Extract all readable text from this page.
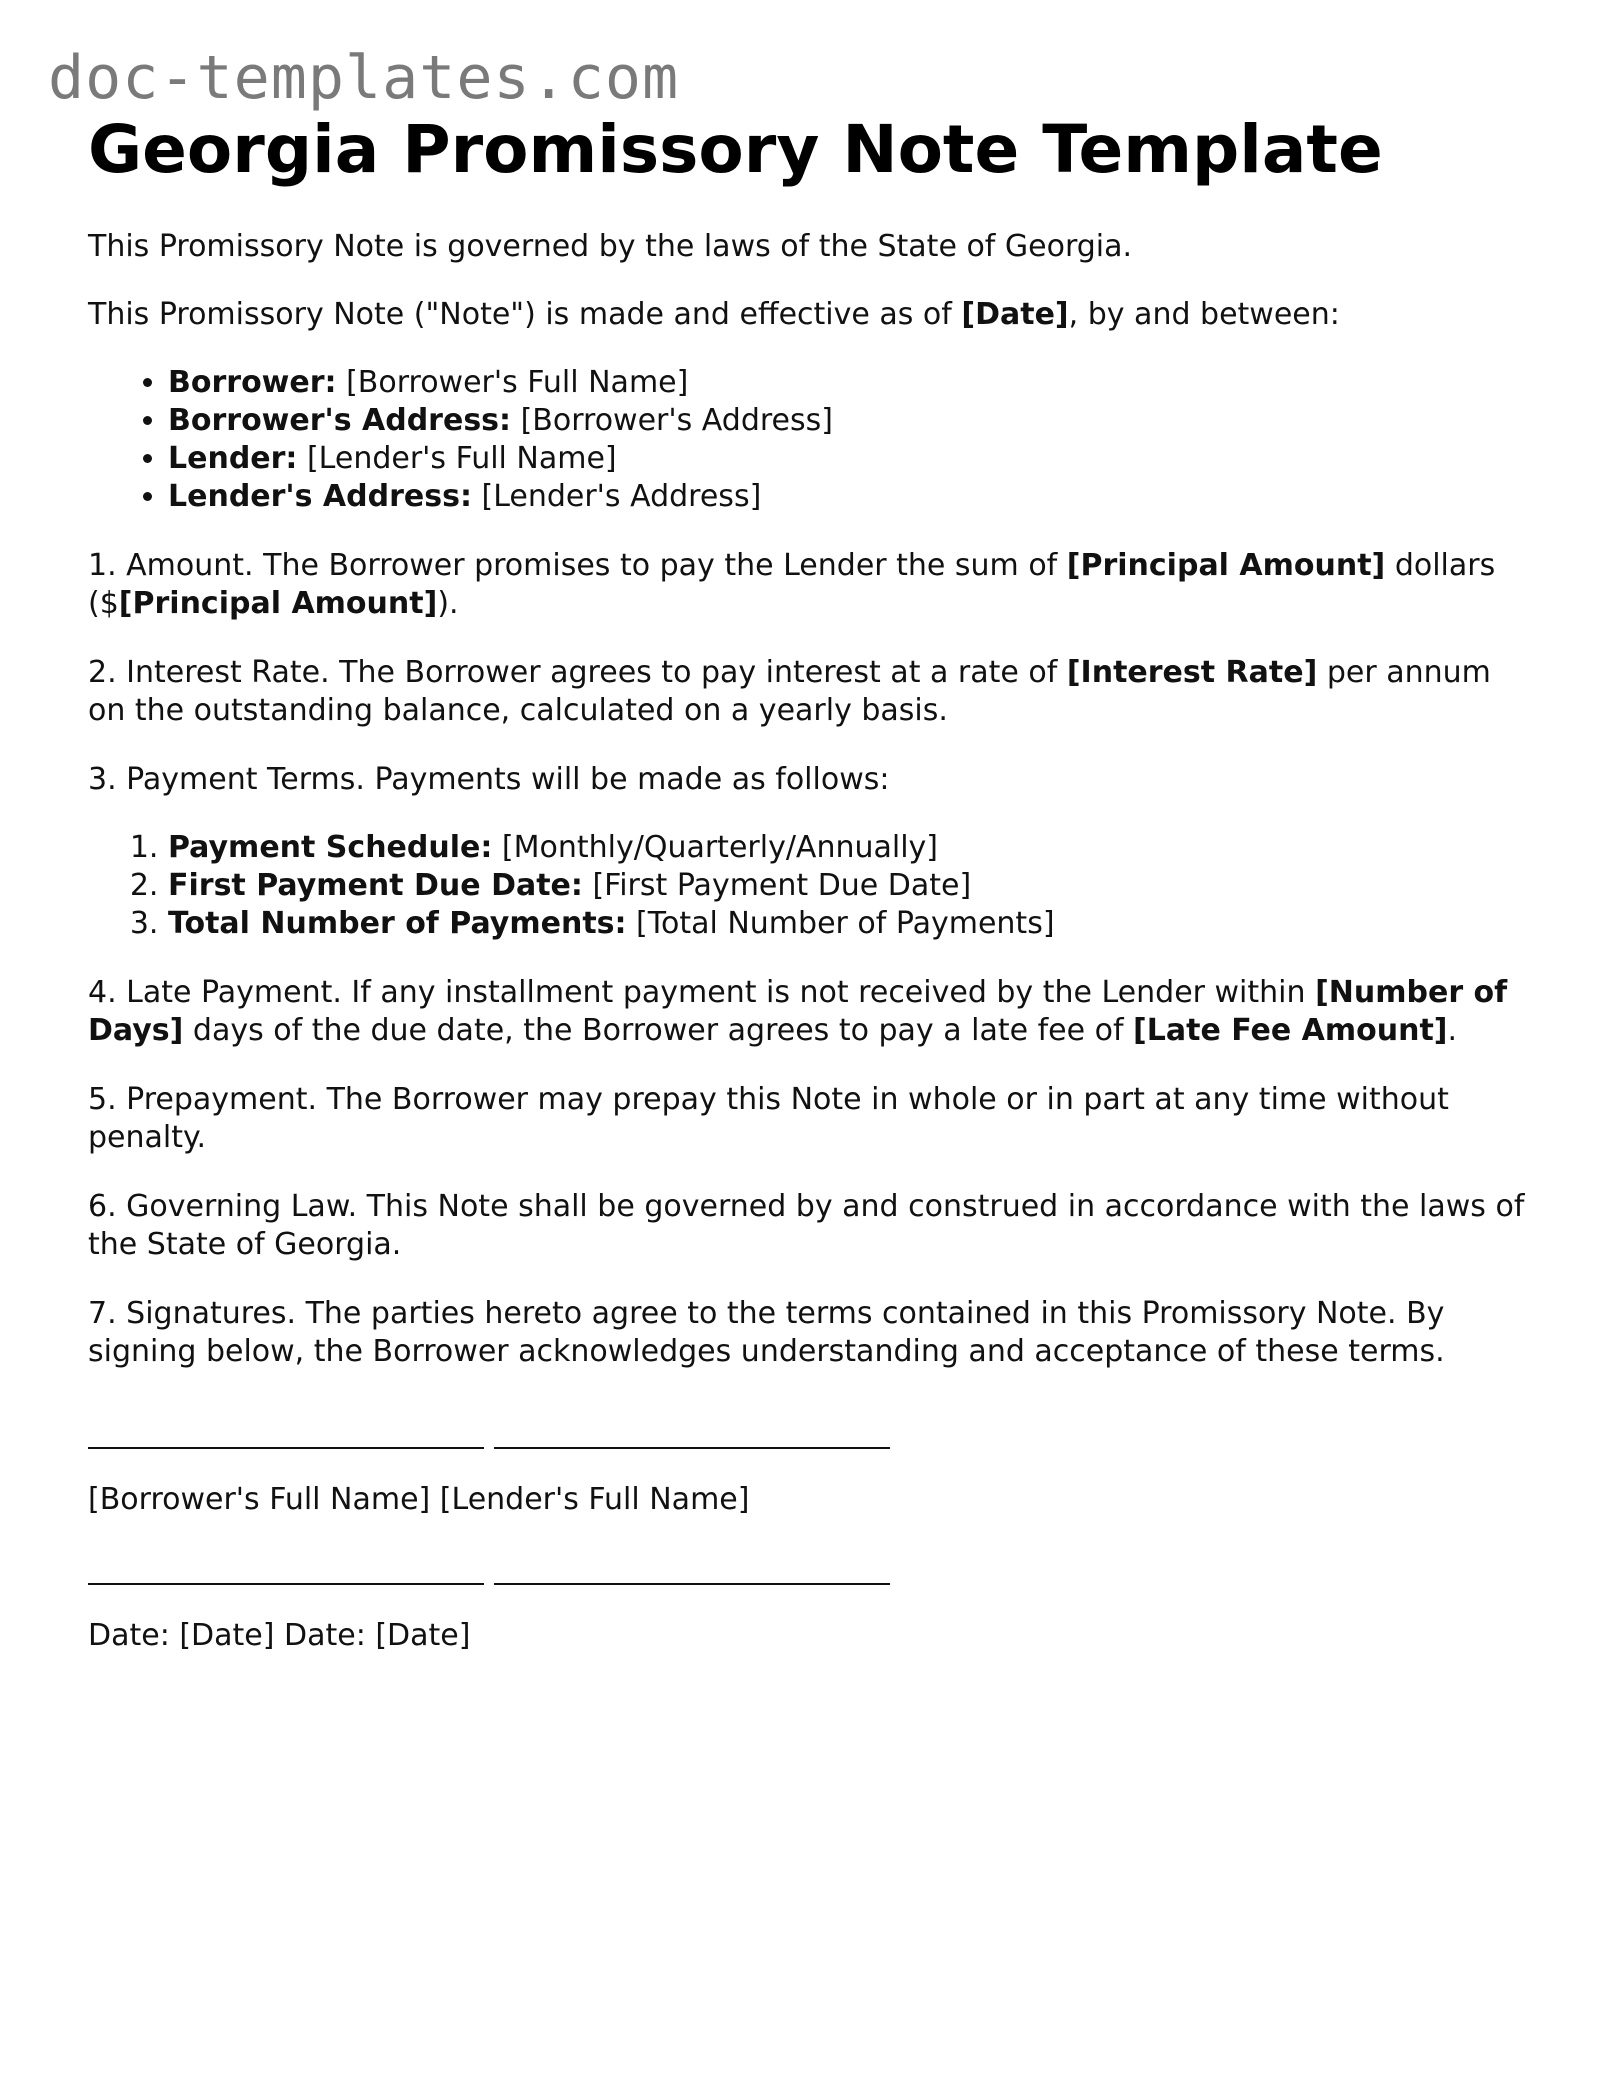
doc-templates.com
Georgia Promissory Note Template

This Promissory Note is governed by the laws of the State of Georgia.

This Promissory Note ("Note") is made and effective as of [Date], by and between:

• Borrower: [Borrower's Full Name]
• Borrower's Address: [Borrower's Address]
• Lender: [Lender's Full Name]
• Lender's Address: [Lender's Address]

1. Amount. The Borrower promises to pay the Lender the sum of [Principal Amount] dollars ($[Principal Amount]).

2. Interest Rate. The Borrower agrees to pay interest at a rate of [Interest Rate] per annum on the outstanding balance, calculated on a yearly basis.

3. Payment Terms. Payments will be made as follows:

1. Payment Schedule: [Monthly/Quarterly/Annually]
2. First Payment Due Date: [First Payment Due Date]
3. Total Number of Payments: [Total Number of Payments]

4. Late Payment. If any installment payment is not received by the Lender within [Number of Days] days of the due date, the Borrower agrees to pay a late fee of [Late Fee Amount].

5. Prepayment. The Borrower may prepay this Note in whole or in part at any time without penalty.

6. Governing Law. This Note shall be governed by and construed in accordance with the laws of the State of Georgia.

7. Signatures. The parties hereto agree to the terms contained in this Promissory Note. By signing below, the Borrower acknowledges understanding and acceptance of these terms.

[Borrower's Full Name] [Lender's Full Name]

Date: [Date] Date: [Date]
